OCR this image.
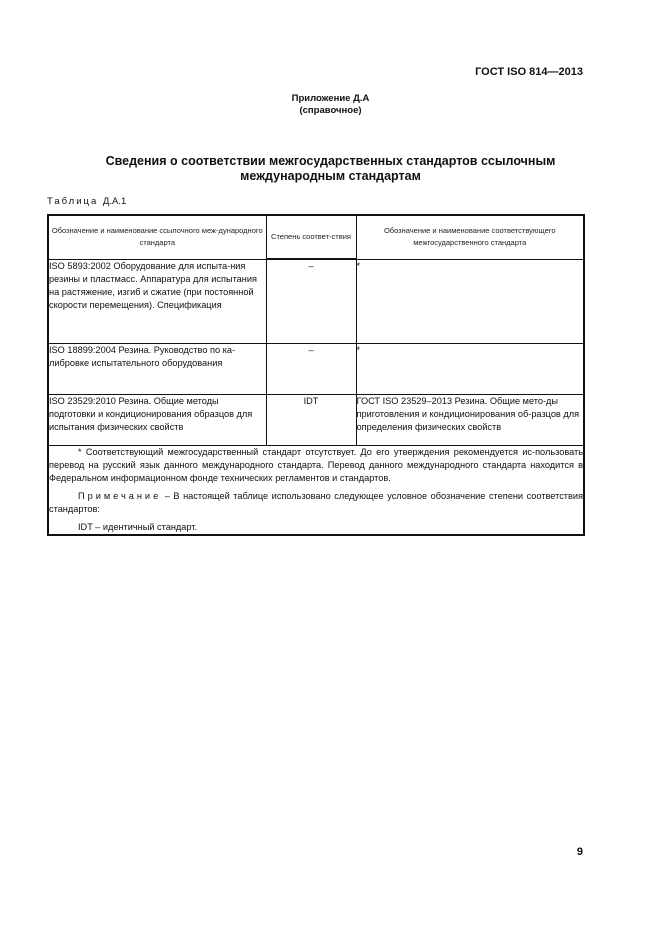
ГОСТ ISO 814—2013
Приложение Д.А
(справочное)
Сведения о соответствии межгосударственных стандартов ссылочным
международным стандартам
Таблица Д.А.1
Обозначение и наименование ссылочного меж-дународного стандарта	Степень соответ-ствия	Обозначение и наименование соответствующего межгосударственного стандарта
ISO 5893:2002 Оборудование для испыта-ния резины и пластмасс. Аппаратура для испытания на растяжение, изгиб и сжатие (при постоянной скорости перемещения). Спецификация	–	*
ISO 18899:2004 Резина. Руководство по ка-либровке испытательного оборудования	–	*
ISO 23529:2010 Резина. Общие методы подготовки и кондиционирования образцов для испытания физических свойств	IDT	ГОСТ ISO 23529–2013 Резина. Общие мето-ды приготовления и кондиционирования об-разцов для определения физических свойств

* Соответствующий межгосударственный стандарт отсутствует. До его утверждения рекомендуется ис-пользовать перевод на русский язык данного международного стандарта. Перевод данного международного стандарта находится в Федеральном информационном фонде технических регламентов и стандартов.

Примечание – В настоящей таблице использовано следующее условное обозначение степени соответствия стандартов:

IDT – идентичный стандарт.		

9
